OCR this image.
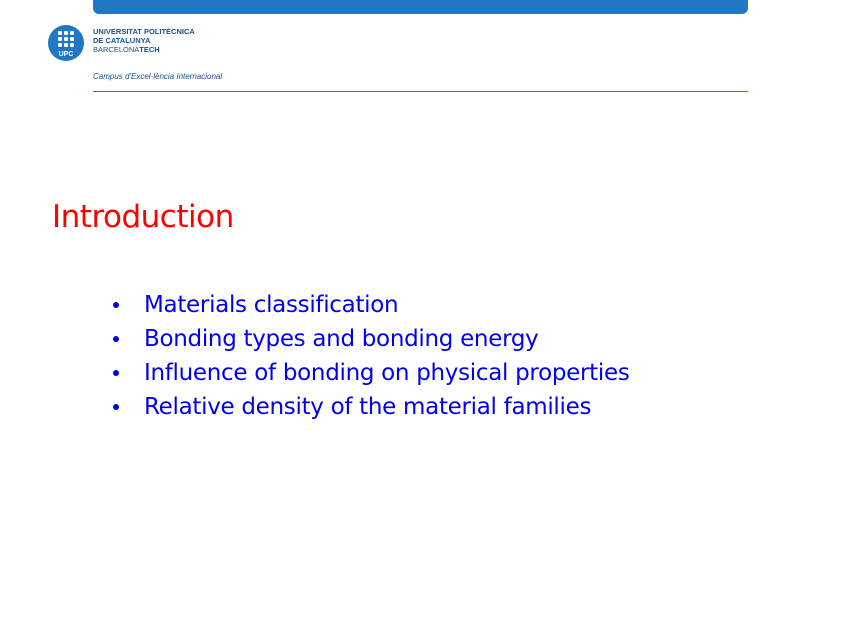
UPC
UNIVERSITAT POLITÈCNICA
DE CATALUNYA
BARCELONATECH
Campus d'Excel·lència Internacional
Introduction
Materials classification
Bonding types and bonding energy
Influence of bonding on physical properties
Relative density of the material families
